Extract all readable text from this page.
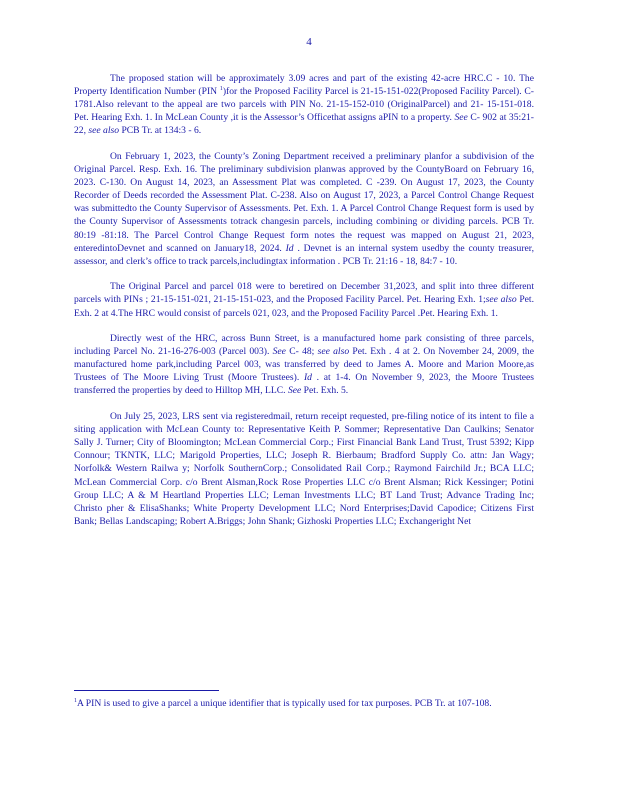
4

The proposed station will be approximately 3.09 acres and part of the existing 42-acre HRC.C - 10. The Property Identification Number (PIN $^1$)for the Proposed Facility Parcel is 21-15-151-022(Proposed Facility Parcel). C-1781.Also relevant to the appeal are two parcels with PIN No. 21-15-152-010 (OriginalParcel) and 21- 15-151-018. Pet. Hearing Exh. 1. In McLean County ,it is the Assessor’s Officethat assigns aPIN to a property. See C- 902 at 35:21-22, see also PCB Tr. at 134:3 - 6.

On February 1, 2023, the County’s Zoning Department received a preliminary planfor a subdivision of the Original Parcel. Resp. Exh. 16. The preliminary subdivision planwas approved by the CountyBoard on February 16, 2023. C-130. On August 14, 2023, an Assessment Plat was completed. C -239. On August 17, 2023, the County Recorder of Deeds recorded the Assessment Plat. C-238. Also on August 17, 2023, a Parcel Control Change Request was submittedto the County Supervisor of Assessments. Pet. Exh. 1. A Parcel Control Change Request form is used by the County Supervisor of Assessments totrack changesin parcels, including combining or dividing parcels. PCB Tr. 80:19 -81:18. The Parcel Control Change Request form notes the request was mapped on August 21, 2023, enteredintoDevnet and scanned on January18, 2024. Id . Devnet is an internal system usedby the county treasurer, assessor, and clerk’s office to track parcels,includingtax information . PCB Tr. 21:16 - 18, 84:7 - 10.

The Original Parcel and parcel 018 were to beretired on December 31,2023, and split into three different parcels with PINs ; 21-15-151-021, 21-15-151-023, and the Proposed Facility Parcel. Pet. Hearing Exh. 1;see also Pet. Exh. 2 at 4.The HRC would consist of parcels 021, 023, and the Proposed Facility Parcel .Pet. Hearing Exh. 1.

Directly west of the HRC, across Bunn Street, is a manufactured home park consisting of three parcels, including Parcel No. 21-16-276-003 (Parcel 003). See C- 48; see also Pet. Exh . 4 at 2. On November 24, 2009, the manufactured home park,including Parcel 003, was transferred by deed to James A. Moore and Marion Moore,as Trustees of The Moore Living Trust (Moore Trustees). Id . at 1-4. On November 9, 2023, the Moore Trustees transferred the properties by deed to Hilltop MH, LLC. See Pet. Exh. 5.

On July 25, 2023, LRS sent via registeredmail, return receipt requested, pre-filing notice of its intent to file a siting application with McLean County to: Representative Keith P. Sommer; Representative Dan Caulkins; Senator Sally J. Turner; City of Bloomington; McLean Commercial Corp.; First Financial Bank Land Trust, Trust 5392; Kipp Connour; TKNTK, LLC; Marigold Properties, LLC; Joseph R. Bierbaum; Bradford Supply Co. attn: Jan Wagy; Norfolk& Western Railwa y; Norfolk SouthernCorp.; Consolidated Rail Corp.; Raymond Fairchild Jr.; BCA LLC; McLean Commercial Corp. c/o Brent Alsman,Rock Rose Properties LLC c/o Brent Alsman; Rick Kessinger; Potini Group LLC; A & M Heartland Properties LLC; Leman Investments LLC; BT Land Trust; Advance Trading Inc; Christo pher & ElisaShanks; White Property Development LLC; Nord Enterprises;David Capodice; Citizens First Bank; Bellas Landscaping; Robert A.Briggs; John Shank; Gizhoski Properties LLC; Exchangeright Net

$^1$A PIN is used to give a parcel a unique identifier that is typically used for tax purposes. PCB Tr. at 107-108.
